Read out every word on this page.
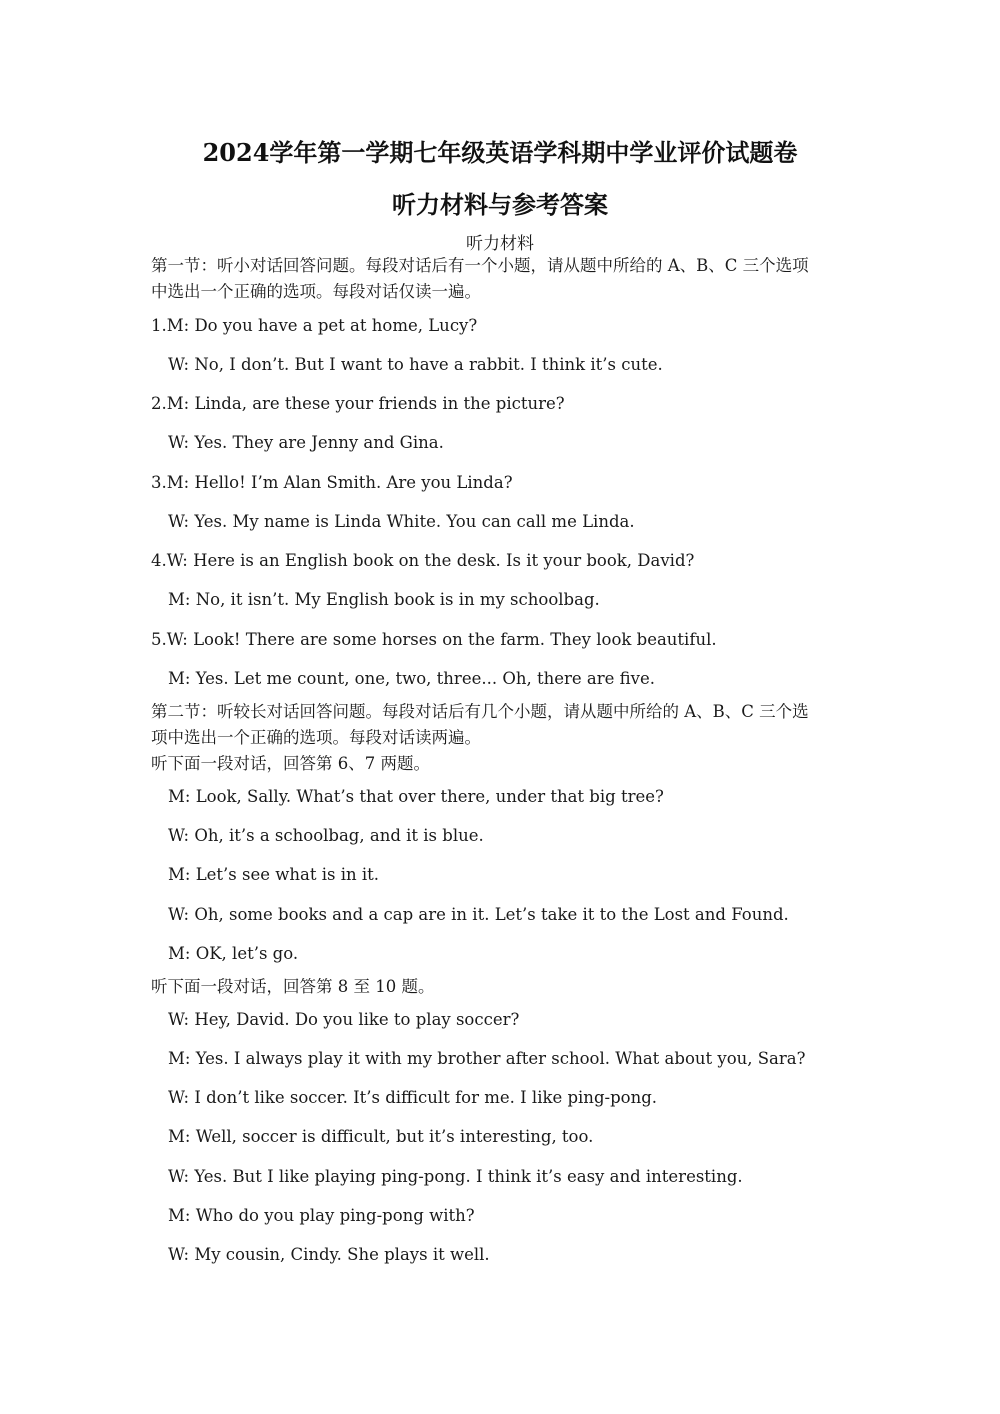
2024学年第一学期七年级英语学科期中学业评价试题卷
听力材料与参考答案
听力材料
第一节：听小对话回答问题。每段对话后有一个小题，请从题中所给的 A、B、C 三个选项
中选出一个正确的选项。每段对话仅读一遍。
1.M: Do you have a pet at home, Lucy?
W: No, I don’t. But I want to have a rabbit. I think it’s cute.
2.M: Linda, are these your friends in the picture?
W: Yes. They are Jenny and Gina.
3.M: Hello! I’m Alan Smith. Are you Linda?
W: Yes. My name is Linda White. You can call me Linda.
4.W: Here is an English book on the desk. Is it your book, David?
M: No, it isn’t. My English book is in my schoolbag.
5.W: Look! There are some horses on the farm. They look beautiful.
M: Yes. Let me count, one, two, three... Oh, there are five.
第二节：听较长对话回答问题。每段对话后有几个小题，请从题中所给的 A、B、C 三个选
项中选出一个正确的选项。每段对话读两遍。
听下面一段对话，回答第 6、7 两题。
M: Look, Sally. What’s that over there, under that big tree?
W: Oh, it’s a schoolbag, and it is blue.
M: Let’s see what is in it.
W: Oh, some books and a cap are in it. Let’s take it to the Lost and Found.
M: OK, let’s go.
听下面一段对话，回答第 8 至 10 题。
W: Hey, David. Do you like to play soccer?
M: Yes. I always play it with my brother after school. What about you, Sara?
W: I don’t like soccer. It’s difficult for me. I like ping-pong.
M: Well, soccer is difficult, but it’s interesting, too.
W: Yes. But I like playing ping-pong. I think it’s easy and interesting.
M: Who do you play ping-pong with?
W: My cousin, Cindy. She plays it well.
